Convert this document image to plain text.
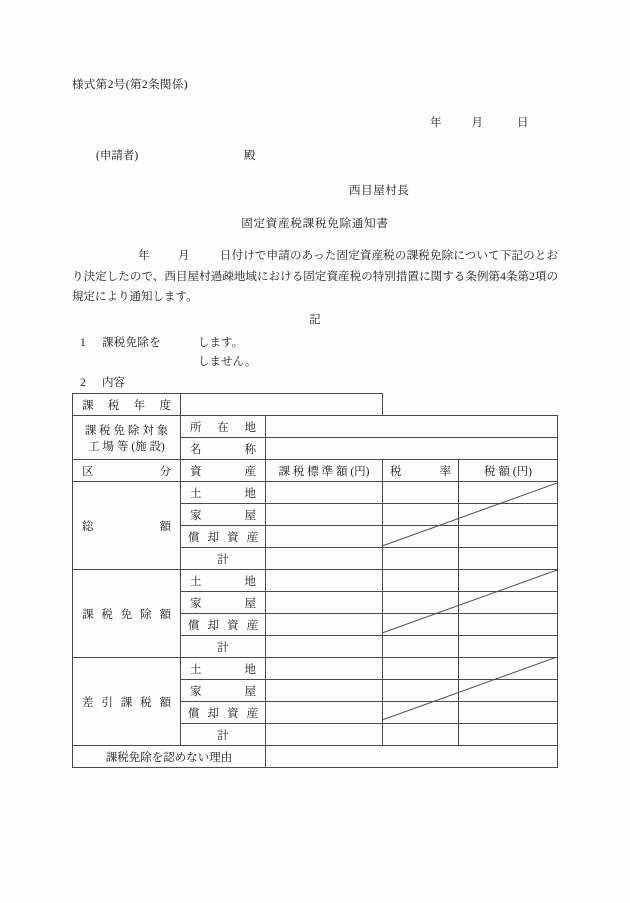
様式第2号(第2条関係)
年	月	日
(申請者)	殿
西目屋村長
固定資産税課税免除通知書
年 月	日付けで申請のあった固定資産税の課税免除について下記のとおり決定したので、西目屋村過疎地域における固定資産税の特別措置に関する条例第4条第2項の規定により通知します。
記
1 課税免除を	します。
しません。
2 内容
課 税 年 度				

課 税 免 除 対 象
工 場 等 (施 設)

所 在 地

	名 称			

区 分	資 産	課 税 標 準 額 (円)	税 率	税 額 (円)

総 額	土 地			

	家 屋			

	償 却 資 産			

	計			

課 税 免 除 額	土 地			

	家 屋			

	償 却 資 産			

	計			

差 引 課 税 額	土 地			

	家 屋			

	償 却 資 産			

	計			
課税免除を認めない理由				
